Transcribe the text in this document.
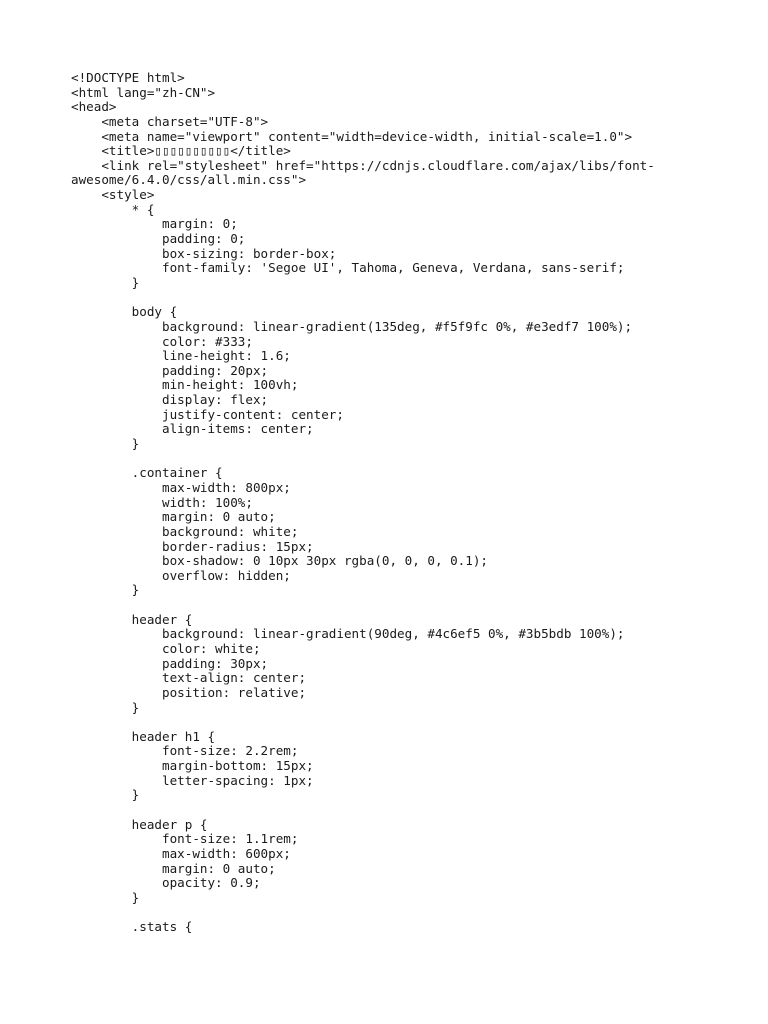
<!DOCTYPE html>
<html lang="zh-CN">
<head>
<meta charset="UTF-8">
<meta name="viewport" content="width=device-width, initial-scale=1.0">
<title>▯▯▯▯▯▯▯▯▯▯</title>
<link rel="stylesheet" href="https://cdnjs.cloudflare.com/ajax/libs/font-
awesome/6.4.0/css/all.min.css">
<style>
* {
margin: 0;
padding: 0;
box-sizing: border-box;
font-family: 'Segoe UI', Tahoma, Geneva, Verdana, sans-serif;
}
body {
background: linear-gradient(135deg, #f5f9fc 0%, #e3edf7 100%);
color: #333;
line-height: 1.6;
padding: 20px;
min-height: 100vh;
display: flex;
justify-content: center;
align-items: center;
}
.container {
max-width: 800px;
width: 100%;
margin: 0 auto;
background: white;
border-radius: 15px;
box-shadow: 0 10px 30px rgba(0, 0, 0, 0.1);
overflow: hidden;
}
header {
background: linear-gradient(90deg, #4c6ef5 0%, #3b5bdb 100%);
color: white;
padding: 30px;
text-align: center;
position: relative;
}
header h1 {
font-size: 2.2rem;
margin-bottom: 15px;
letter-spacing: 1px;
}
header p {
font-size: 1.1rem;
max-width: 600px;
margin: 0 auto;
opacity: 0.9;
}
.stats {
